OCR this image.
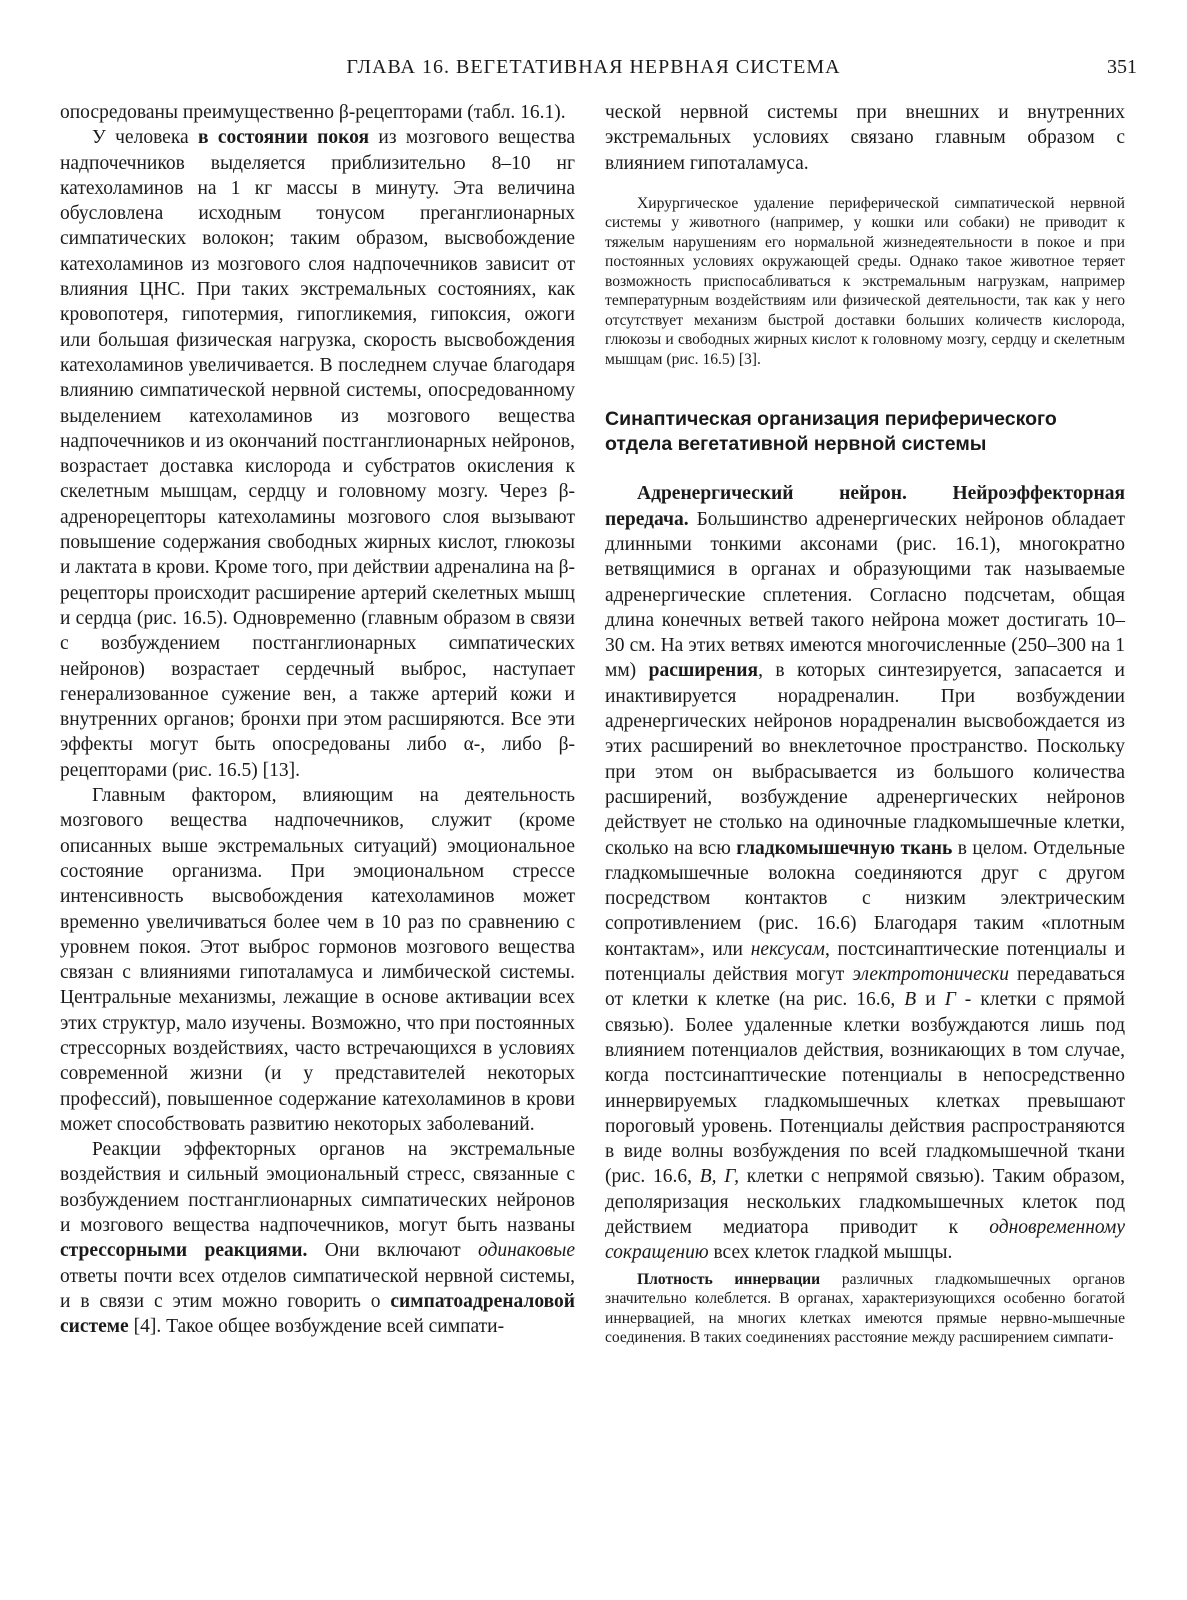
ГЛАВА 16. ВЕГЕТАТИВНАЯ НЕРВНАЯ СИСТЕМА	351

опосредованы преимущественно β-рецепторами (табл. 16.1).

У человека в состоянии покоя из мозгового вещества надпочечников выделяется приблизительно 8–10 нг катехоламинов на 1 кг массы в минуту. Эта величина обусловлена исходным тонусом преганглионарных симпатических волокон; таким образом, высвобождение катехоламинов из мозгового слоя надпочечников зависит от влияния ЦНС. При таких экстремальных состояниях, как кровопотеря, гипотермия, гипогликемия, гипоксия, ожоги или большая физическая нагрузка, скорость высвобождения катехоламинов увеличивается. В последнем случае благодаря влиянию симпатической нервной системы, опосредованному выделением катехоламинов из мозгового вещества надпочечников и из окончаний постганглионарных нейронов, возрастает доставка кислорода и субстратов окисления к скелетным мышцам, сердцу и головному мозгу. Через β-адренорецепторы катехоламины мозгового слоя вызывают повышение содержания свободных жирных кислот, глюкозы и лактата в крови. Кроме того, при действии адреналина на β-рецепторы происходит расширение артерий скелетных мышц и сердца (рис. 16.5). Одновременно (главным образом в связи с возбуждением постганглионарных симпатических нейронов) возрастает сердечный выброс, наступает генерализованное сужение вен, а также артерий кожи и внутренних органов; бронхи при этом расширяются. Все эти эффекты могут быть опосредованы либо α-, либо β-рецепторами (рис. 16.5) [13].

Главным фактором, влияющим на деятельность мозгового вещества надпочечников, служит (кроме описанных выше экстремальных ситуаций) эмоциональное состояние организма. При эмоциональном стрессе интенсивность высвобождения катехоламинов может временно увеличиваться более чем в 10 раз по сравнению с уровнем покоя. Этот выброс гормонов мозгового вещества связан с влияниями гипоталамуса и лимбической системы. Центральные механизмы, лежащие в основе активации всех этих структур, мало изучены. Возможно, что при постоянных стрессорных воздействиях, часто встречающихся в условиях современной жизни (и у представителей некоторых профессий), повышенное содержание катехоламинов в крови может способствовать развитию некоторых заболеваний.

Реакции эффекторных органов на экстремальные воздействия и сильный эмоциональный стресс, связанные с возбуждением постганглионарных симпатических нейронов и мозгового вещества надпочечников, могут быть названы стрессорными реакциями. Они включают одинаковые ответы почти всех отделов симпатической нервной системы, и в связи с этим можно говорить о симпатоадреналовой системе [4]. Такое общее возбуждение всей симпати-

ческой нервной системы при внешних и внутренних экстремальных условиях связано главным образом с влиянием гипоталамуса.

Хирургическое удаление периферической симпатической нервной системы у животного (например, у кошки или собаки) не приводит к тяжелым нарушениям его нормальной жизнедеятельности в покое и при постоянных условиях окружающей среды. Однако такое животное теряет возможность приспосабливаться к экстремальным нагрузкам, например температурным воздействиям или физической деятельности, так как у него отсутствует механизм быстрой доставки больших количеств кислорода, глюкозы и свободных жирных кислот к головному мозгу, сердцу и скелетным мышцам (рис. 16.5) [3].

Синаптическая организация периферического отдела вегетативной нервной системы

Адренергический нейрон. Нейроэффекторная передача. Большинство адренергических нейронов обладает длинными тонкими аксонами (рис. 16.1), многократно ветвящимися в органах и образующими так называемые адренергические сплетения. Согласно подсчетам, общая длина конечных ветвей такого нейрона может достигать 10–30 см. На этих ветвях имеются многочисленные (250–300 на 1 мм) расширения, в которых синтезируется, запасается и инактивируется норадреналин. При возбуждении адренергических нейронов норадреналин высвобождается из этих расширений во внеклеточное пространство. Поскольку при этом он выбрасывается из большого количества расширений, возбуждение адренергических нейронов действует не столько на одиночные гладкомышечные клетки, сколько на всю гладкомышечную ткань в целом. Отдельные гладкомышечные волокна соединяются друг с другом посредством контактов с низким электрическим сопротивлением (рис. 16.6) Благодаря таким «плотным контактам», или нексусам, постсинаптические потенциалы и потенциалы действия могут электротонически передаваться от клетки к клетке (на рис. 16.6, В и Г - клетки с прямой связью). Более удаленные клетки возбуждаются лишь под влиянием потенциалов действия, возникающих в том случае, когда постсинаптические потенциалы в непосредственно иннервируемых гладкомышечных клетках превышают пороговый уровень. Потенциалы действия распространяются в виде волны возбуждения по всей гладкомышечной ткани (рис. 16.6, В, Г, клетки с непрямой связью). Таким образом, деполяризация нескольких гладкомышечных клеток под действием медиатора приводит к одновременному сокращению всех клеток гладкой мышцы.

Плотность иннервации различных гладкомышечных органов значительно колеблется. В органах, характеризующихся особенно богатой иннервацией, на многих клетках имеются прямые нервно-мышечные соединения. В таких соединениях расстояние между расширением симпати-
